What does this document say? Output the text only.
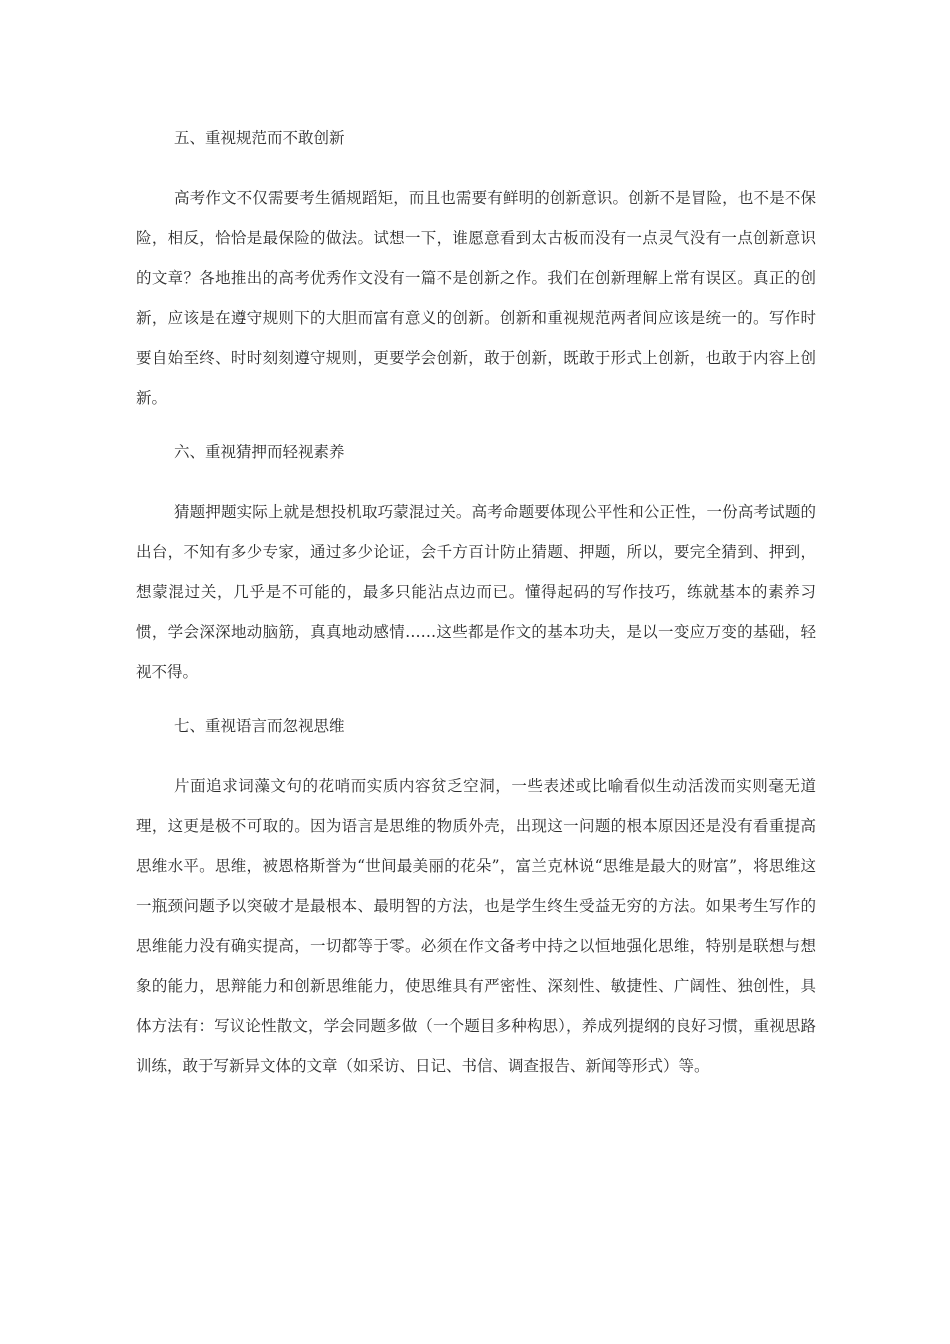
五、重视规范而不敢创新

高考作文不仅需要考生循规蹈矩，而且也需要有鲜明的创新意识。创新不是冒险，也不是不保险，相反，恰恰是最保险的做法。试想一下，谁愿意看到太古板而没有一点灵气没有一点创新意识的文章？各地推出的高考优秀作文没有一篇不是创新之作。我们在创新理解上常有误区。真正的创新，应该是在遵守规则下的大胆而富有意义的创新。创新和重视规范两者间应该是统一的。写作时要自始至终、时时刻刻遵守规则，更要学会创新，敢于创新，既敢于形式上创新，也敢于内容上创新。

六、重视猜押而轻视素养

猜题押题实际上就是想投机取巧蒙混过关。高考命题要体现公平性和公正性，一份高考试题的出台，不知有多少专家，通过多少论证，会千方百计防止猜题、押题，所以，要完全猜到、押到，想蒙混过关，几乎是不可能的，最多只能沾点边而已。懂得起码的写作技巧，练就基本的素养习惯，学会深深地动脑筋，真真地动感情……这些都是作文的基本功夫，是以一变应万变的基础，轻视不得。

七、重视语言而忽视思维

片面追求词藻文句的花哨而实质内容贫乏空洞，一些表述或比喻看似生动活泼而实则毫无道理，这更是极不可取的。因为语言是思维的物质外壳，出现这一问题的根本原因还是没有看重提高思维水平。思维，被恩格斯誉为“世间最美丽的花朵”，富兰克林说“思维是最大的财富”，将思维这一瓶颈问题予以突破才是最根本、最明智的方法，也是学生终生受益无穷的方法。如果考生写作的思维能力没有确实提高，一切都等于零。必须在作文备考中持之以恒地强化思维，特别是联想与想象的能力，思辩能力和创新思维能力，使思维具有严密性、深刻性、敏捷性、广阔性、独创性，具体方法有：写议论性散文，学会同题多做（一个题目多种构思），养成列提纲的良好习惯，重视思路训练，敢于写新异文体的文章（如采访、日记、书信、调查报告、新闻等形式）等。
